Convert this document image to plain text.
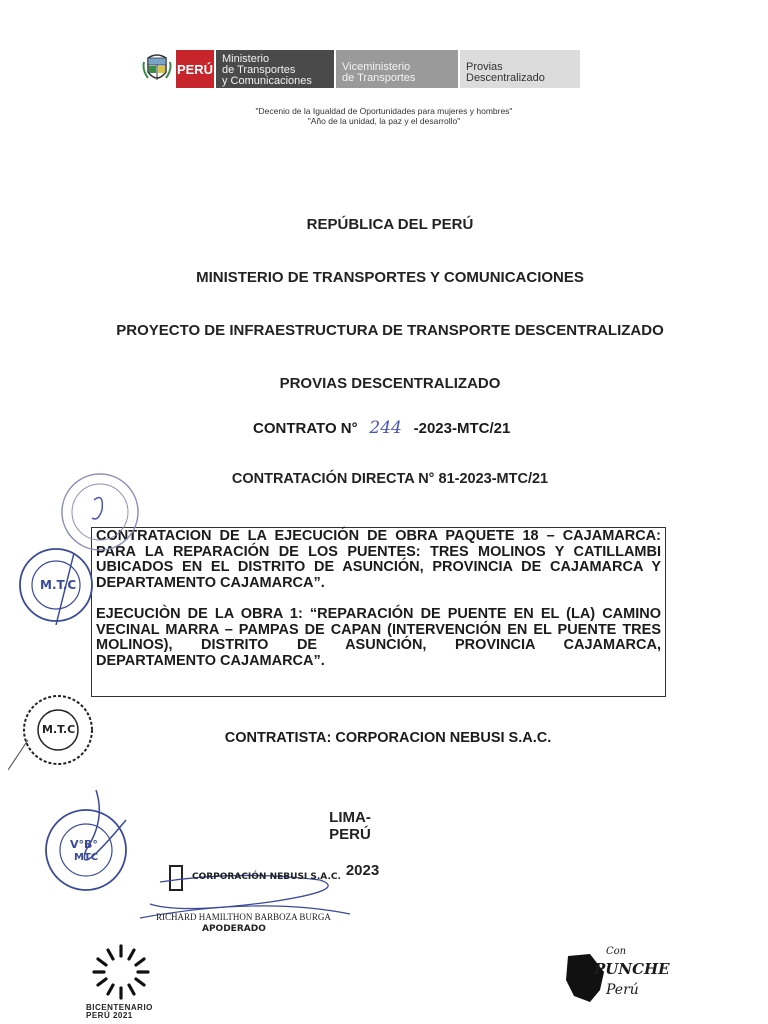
PERÚ
Ministerio
de Transportes
y Comunicaciones
Viceministerio
de Transportes
Provias
Descentralizado
"Decenio de la Igualdad de Oportunidades para mujeres y hombres"
"Año de la unidad, la paz y el desarrollo"
REPÚBLICA DEL PERÚ
MINISTERIO DE TRANSPORTES Y COMUNICACIONES
PROYECTO DE INFRAESTRUCTURA DE TRANSPORTE DESCENTRALIZADO
PROVIAS DESCENTRALIZADO
CONTRATO N° 244 -2023-MTC/21
CONTRATACIÓN DIRECTA N° 81-2023-MTC/21

CONTRATACION DE LA EJECUCIÓN DE OBRA PAQUETE 18 – CAJAMARCA: PARA LA REPARACIÓN DE LOS PUENTES: TRES MOLINOS Y CATILLAMBI UBICADOS EN EL DISTRITO DE ASUNCIÓN, PROVINCIA DE CAJAMARCA Y DEPARTAMENTO CAJAMARCA”.

EJECUCIÒN DE LA OBRA 1: “REPARACIÓN DE PUENTE EN EL (LA) CAMINO VECINAL MARRA – PAMPAS DE CAPAN (INTERVENCIÓN EN EL PUENTE TRES MOLINOS), DISTRITO DE ASUNCIÓN, PROVINCIA CAJAMARCA, DEPARTAMENTO CAJAMARCA”.

CONTRATISTA: CORPORACION NEBUSI S.A.C.
LIMA- PERÚ
2023
M.T.C
M.T.C
V°B°
MTC
CORPORACIÓN NEBUSI S.A.C.
RICHARD HAMILTHON BARBOZA BURGA
APODERADO
BICENTENARIO
PERÚ 2021
Con
PUNCHE
Perú
